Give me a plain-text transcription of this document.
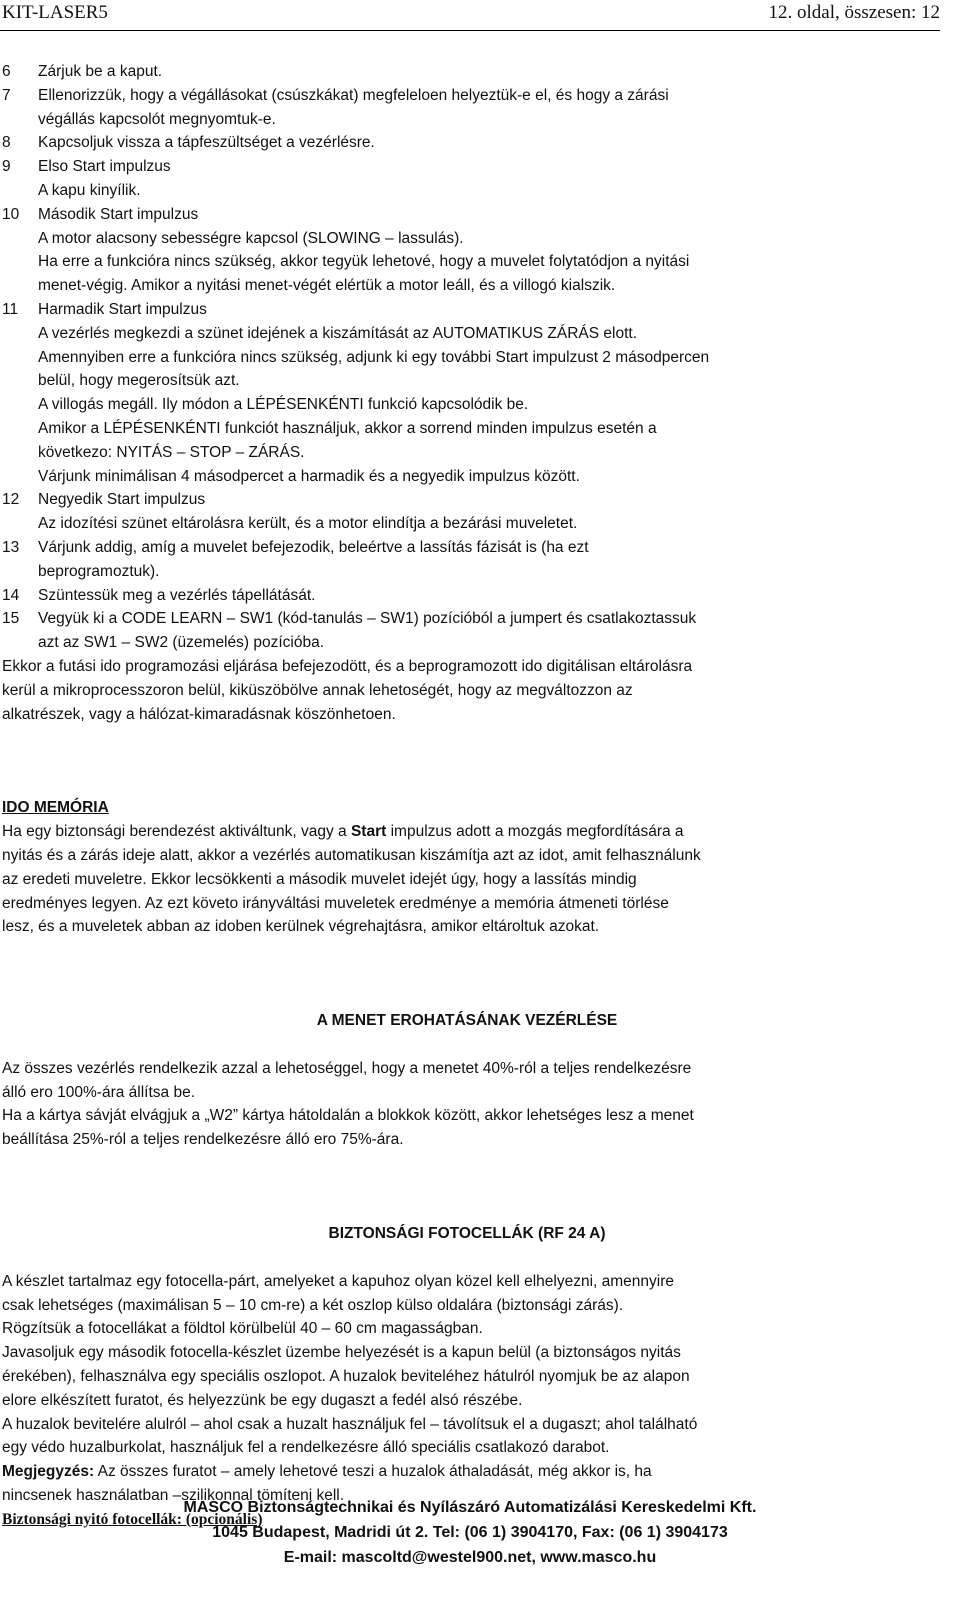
KIT-LASER5	12. oldal, összesen: 12
6 Zárjuk be a kaput.
7 Ellenorizzük, hogy a végállásokat (csúszkákat) megfeleloen helyeztük-e el, és hogy a zárási
végállás kapcsolót megnyomtuk-e.
8 Kapcsoljuk vissza a tápfeszültséget a vezérlésre.
9 Elso Start impulzus
A kapu kinyílik.
10 Második Start impulzus
A motor alacsony sebességre kapcsol (SLOWING – lassulás).
Ha erre a funkcióra nincs szükség, akkor tegyük lehetové, hogy a muvelet folytatódjon a nyitási
menet-végig. Amikor a nyitási menet-végét elértük a motor leáll, és a villogó kialszik.
11 Harmadik Start impulzus
A vezérlés megkezdi a szünet idejének a kiszámítását az AUTOMATIKUS ZÁRÁS elott.
Amennyiben erre a funkcióra nincs szükség, adjunk ki egy további Start impulzust 2 másodpercen
belül, hogy megerosítsük azt.
A villogás megáll. Ily módon a LÉPÉSENKÉNTI funkció kapcsolódik be.
Amikor a LÉPÉSENKÉNTI funkciót használjuk, akkor a sorrend minden impulzus esetén a
következo: NYITÁS – STOP – ZÁRÁS.
Várjunk minimálisan 4 másodpercet a harmadik és a negyedik impulzus között.
12 Negyedik Start impulzus
Az idozítési szünet eltárolásra került, és a motor elindítja a bezárási muveletet.
13 Várjunk addig, amíg a muvelet befejezodik, beleértve a lassítás fázisát is (ha ezt
beprogramoztuk).
14 Szüntessük meg a vezérlés tápellátását.
15 Vegyük ki a CODE LEARN – SW1 (kód-tanulás – SW1) pozícióból a jumpert és csatlakoztassuk
azt az SW1 – SW2 (üzemelés) pozícióba.
Ekkor a futási ido programozási eljárása befejezodött, és a beprogramozott ido digitálisan eltárolásra
kerül a mikroprocesszoron belül, kiküszöbölve annak lehetoségét, hogy az megváltozzon az
alkatrészek, vagy a hálózat-kimaradásnak köszönhetoen.
IDO MEMÓRIA
Ha egy biztonsági berendezést aktiváltunk, vagy a Start impulzus adott a mozgás megfordítására a
nyitás és a zárás ideje alatt, akkor a vezérlés automatikusan kiszámítja azt az idot, amit felhasználunk
az eredeti muveletre. Ekkor lecsökkenti a második muvelet idejét úgy, hogy a lassítás mindig
eredményes legyen. Az ezt követo irányváltási muveletek eredménye a memória átmeneti törlése
lesz, és a muveletek abban az idoben kerülnek végrehajtásra, amikor eltároltuk azokat.
A MENET EROHATÁSÁNAK VEZÉRLÉSE
Az összes vezérlés rendelkezik azzal a lehetoséggel, hogy a menetet 40%-ról a teljes rendelkezésre
álló ero 100%-ára állítsa be.
Ha a kártya sávját elvágjuk a „W2” kártya hátoldalán a blokkok között, akkor lehetséges lesz a menet
beállítása 25%-ról a teljes rendelkezésre álló ero 75%-ára.
BIZTONSÁGI FOTOCELLÁK (RF 24 A)
A készlet tartalmaz egy fotocella-párt, amelyeket a kapuhoz olyan közel kell elhelyezni, amennyire
csak lehetséges (maximálisan 5 – 10 cm-re) a két oszlop külso oldalára (biztonsági zárás).
Rögzítsük a fotocellákat a földtol körülbelül 40 – 60 cm magasságban.
Javasoljuk egy második fotocella-készlet üzembe helyezését is a kapun belül (a biztonságos nyitás
érekében), felhasználva egy speciális oszlopot. A huzalok beviteléhez hátulról nyomjuk be az alapon
elore elkészített furatot, és helyezzünk be egy dugaszt a fedél alsó részébe.
A huzalok bevitelére alulról – ahol csak a huzalt használjuk fel – távolítsuk el a dugaszt; ahol található
egy védo huzalburkolat, használjuk fel a rendelkezésre álló speciális csatlakozó darabot.
Megjegyzés: Az összes furatot – amely lehetové teszi a huzalok áthaladását, még akkor is, ha
nincsenek használatban –szilikonnal tömíteni kell.
Biztonsági nyitó fotocellák: (opcionális)
MASCO Biztonságtechnikai és Nyílászáró Automatizálási Kereskedelmi Kft.
1045 Budapest, Madridi út 2. Tel: (06 1) 3904170, Fax: (06 1) 3904173
E-mail: mascoltd@westel900.net, www.masco.hu
